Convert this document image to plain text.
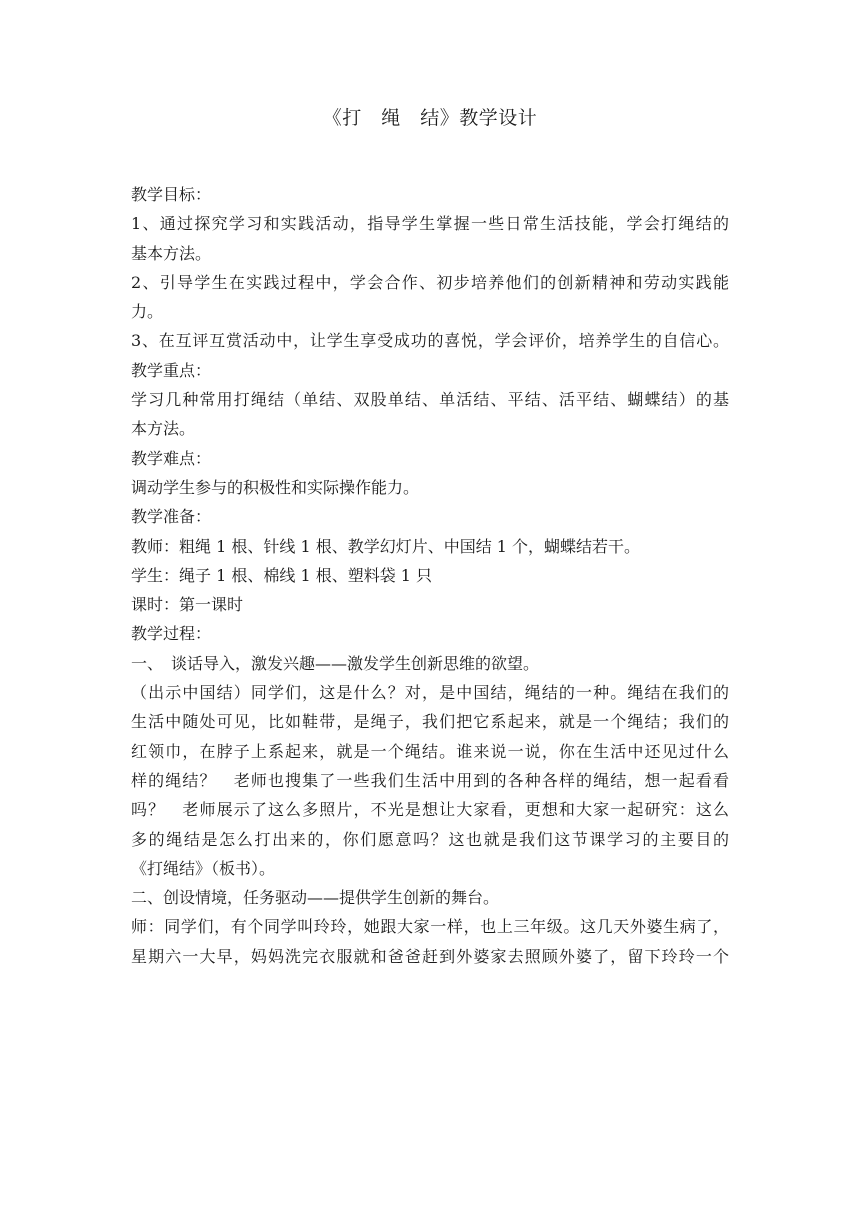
《打　绳　结》教学设计
教学目标：
1、通过探究学习和实践活动，指导学生掌握一些日常生活技能，学会打绳结的
基本方法。
2、引导学生在实践过程中，学会合作、初步培养他们的创新精神和劳动实践能
力。
3、在互评互赏活动中，让学生享受成功的喜悦，学会评价，培养学生的自信心。
教学重点：
学习几种常用打绳结（单结、双股单结、单活结、平结、活平结、蝴蝶结）的基
本方法。
教学难点：
调动学生参与的积极性和实际操作能力。
教学准备：
教师：粗绳 1 根、针线 1 根、教学幻灯片、中国结 1 个，蝴蝶结若干。
学生：绳子 1 根、棉线 1 根、塑料袋 1 只
课时：第一课时
教学过程：
一、　谈话导入，激发兴趣——激发学生创新思维的欲望。
（出示中国结）同学们，这是什么？对，是中国结，绳结的一种。绳结在我们的
生活中随处可见，比如鞋带，是绳子，我们把它系起来，就是一个绳结；我们的
红领巾，在脖子上系起来，就是一个绳结。谁来说一说，你在生活中还见过什么
样的绳结？　老师也搜集了一些我们生活中用到的各种各样的绳结，想一起看看
吗？　老师展示了这么多照片，不光是想让大家看，更想和大家一起研究：这么
多的绳结是怎么打出来的，你们愿意吗？这也就是我们这节课学习的主要目的
《打绳结》（板书）。
二、创设情境，任务驱动——提供学生创新的舞台。
师：同学们，有个同学叫玲玲，她跟大家一样，也上三年级。这几天外婆生病了，
星期六一大早，妈妈洗完衣服就和爸爸赶到外婆家去照顾外婆了，留下玲玲一个
